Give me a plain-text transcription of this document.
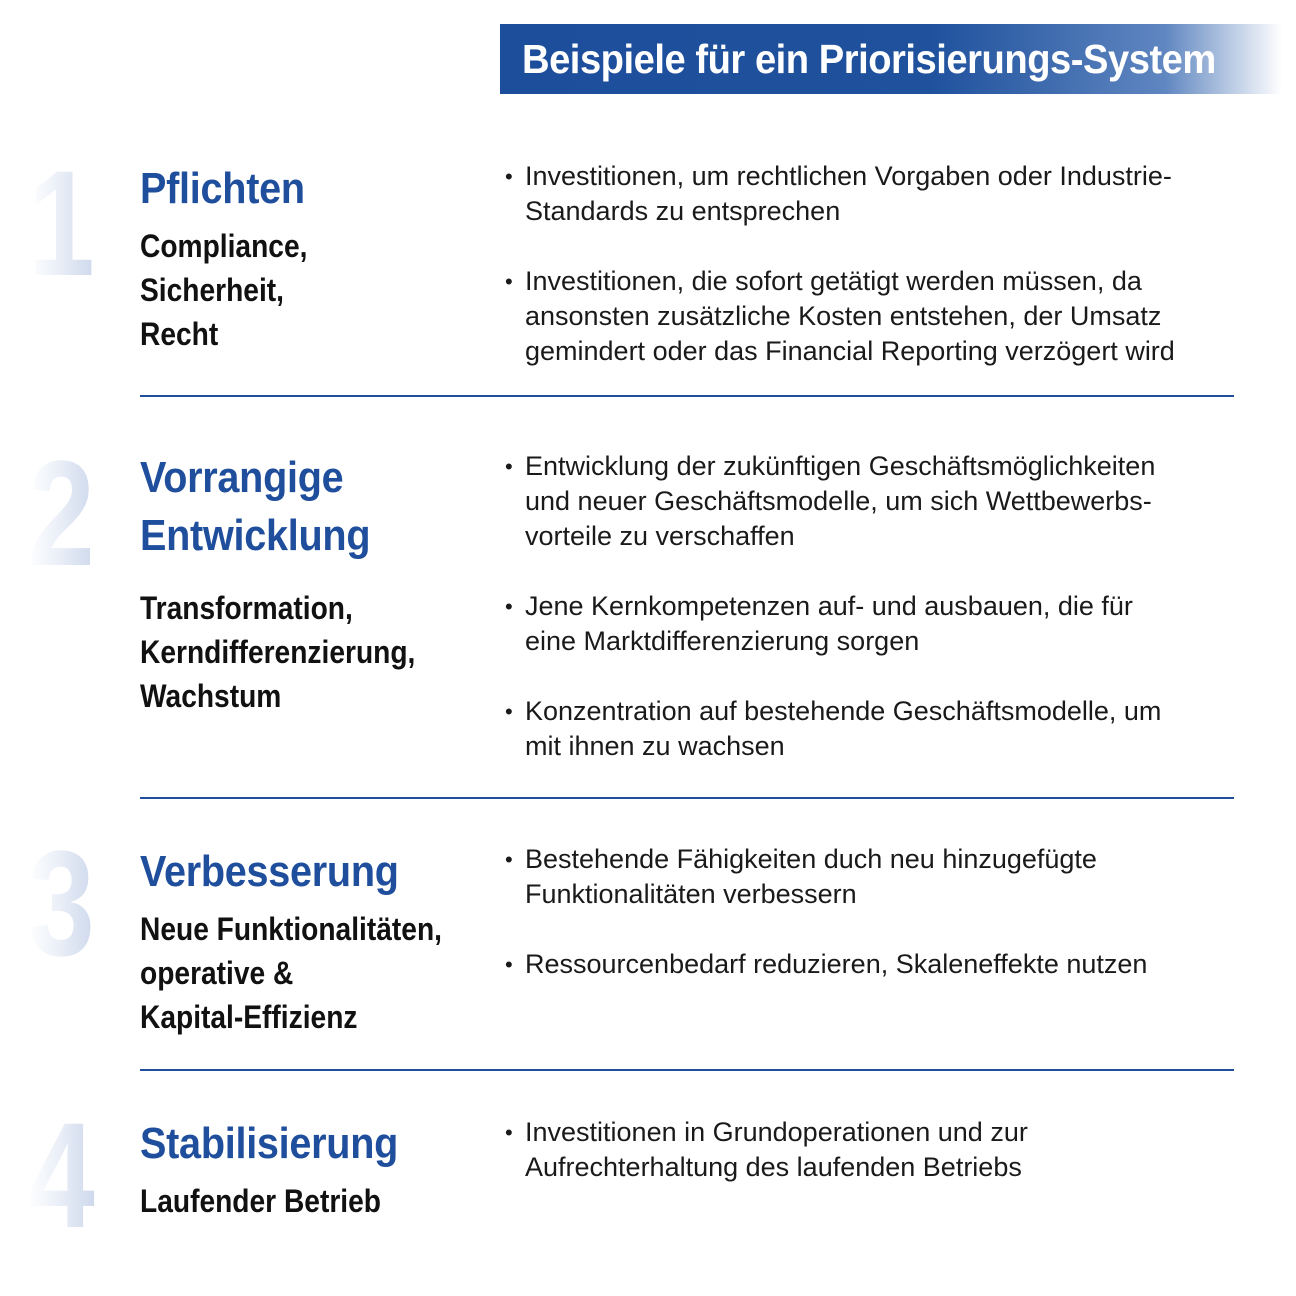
Beispiele für ein Priorisierungs-System
1 Pflichten

Compliance,
Sicherheit,
Recht

• Investitionen, um rechtlichen Vorgaben oder Industrie-
Standards zu entsprechen
• Investitionen, die sofort getätigt werden müssen, da
ansonsten zusätzliche Kosten entstehen, der Umsatz
gemindert oder das Financial Reporting verzögert wird
2 Vorrangige
Entwicklung

Transformation,
Kerndifferenzierung,
Wachstum

• Entwicklung der zukünftigen Geschäftsmöglichkeiten
und neuer Geschäftsmodelle, um sich Wettbewerbs-
vorteile zu verschaffen
• Jene Kernkompetenzen auf- und ausbauen, die für
eine Marktdifferenzierung sorgen
• Konzentration auf bestehende Geschäftsmodelle, um
mit ihnen zu wachsen
3 Verbesserung

Neue Funktionalitäten,
operative &
Kapital-Effizienz

• Bestehende Fähigkeiten duch neu hinzugefügte
Funktionalitäten verbessern
• Ressourcenbedarf reduzieren, Skaleneffekte nutzen
4 Stabilisierung

Laufender Betrieb

• Investitionen in Grundoperationen und zur
Aufrechterhaltung des laufenden Betriebs
